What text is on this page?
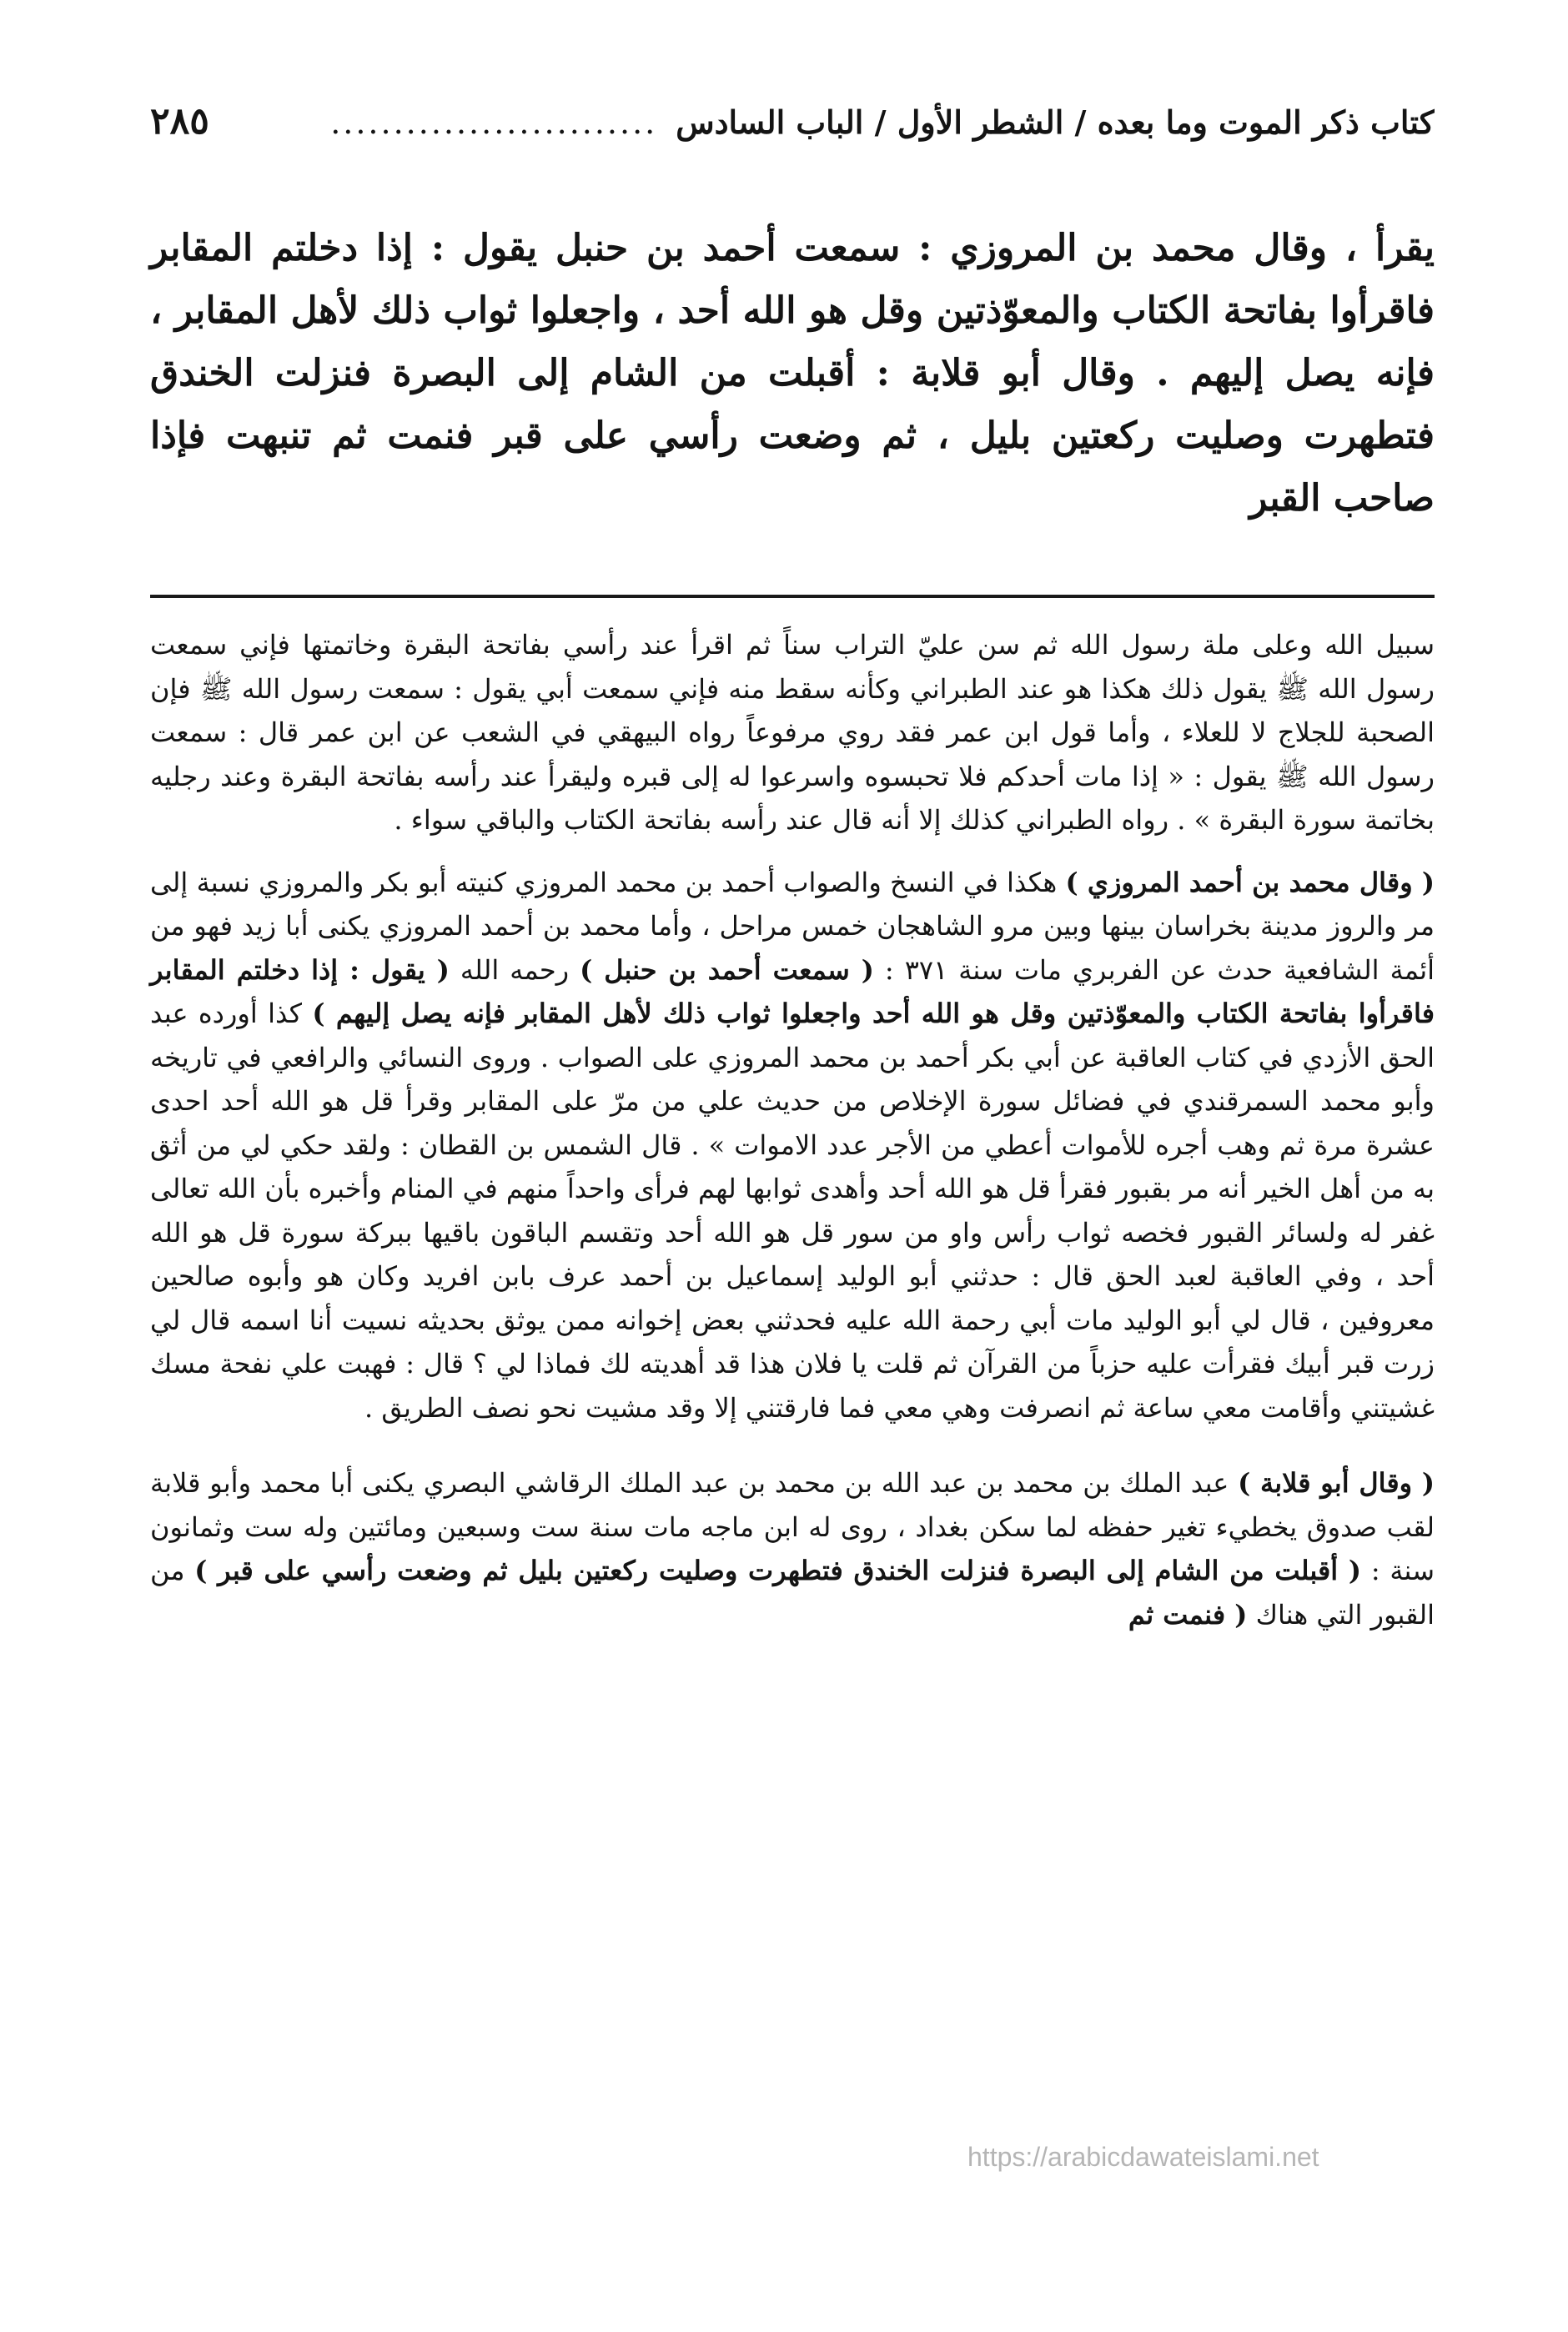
كتاب ذكر الموت وما بعده / الشطر الأول / الباب السادس
..........................
٢٨٥
يقرأ ، وقال محمد بن المروزي : سمعت أحمد بن حنبل يقول : إذا دخلتم المقابر فاقرأوا بفاتحة الكتاب والمعوّذتين وقل هو الله أحد ، واجعلوا ثواب ذلك لأهل المقابر ، فإنه يصل إليهم . وقال أبو قلابة : أقبلت من الشام إلى البصرة فنزلت الخندق فتطهرت وصليت ركعتين بليل ، ثم وضعت رأسي على قبر فنمت ثم تنبهت فإذا صاحب القبر

سبيل الله وعلى ملة رسول الله ثم سن عليّ التراب سناً ثم اقرأ عند رأسي بفاتحة البقرة وخاتمتها فإني سمعت رسول الله ﷺ يقول ذلك هكذا هو عند الطبراني وكأنه سقط منه فإني سمعت أبي يقول : سمعت رسول الله ﷺ فإن الصحبة للجلاج لا للعلاء ، وأما قول ابن عمر فقد روي مرفوعاً رواه البيهقي في الشعب عن ابن عمر قال : سمعت رسول الله ﷺ يقول : « إذا مات أحدكم فلا تحبسوه واسرعوا له إلى قبره وليقرأ عند رأسه بفاتحة البقرة وعند رجليه بخاتمة سورة البقرة » . رواه الطبراني كذلك إلا أنه قال عند رأسه بفاتحة الكتاب والباقي سواء .

( وقال محمد بن أحمد المروزي ) هكذا في النسخ والصواب أحمد بن محمد المروزي كنيته أبو بكر والمروزي نسبة إلى مر والروز مدينة بخراسان بينها وبين مرو الشاهجان خمس مراحل ، وأما محمد بن أحمد المروزي يكنى أبا زيد فهو من أئمة الشافعية حدث عن الفربري مات سنة ٣٧١ : ( سمعت أحمد بن حنبل ) رحمه الله ( يقول : إذا دخلتم المقابر فاقرأوا بفاتحة الكتاب والمعوّذتين وقل هو الله أحد واجعلوا ثواب ذلك لأهل المقابر فإنه يصل إليهم ) كذا أورده عبد الحق الأزدي في كتاب العاقبة عن أبي بكر أحمد بن محمد المروزي على الصواب . وروى النسائي والرافعي في تاريخه وأبو محمد السمرقندي في فضائل سورة الإخلاص من حديث علي من مرّ على المقابر وقرأ قل هو الله أحد احدى عشرة مرة ثم وهب أجره للأموات أعطي من الأجر عدد الاموات » . قال الشمس بن القطان : ولقد حكي لي من أثق به من أهل الخير أنه مر بقبور فقرأ قل هو الله أحد وأهدى ثوابها لهم فرأى واحداً منهم في المنام وأخبره بأن الله تعالى غفر له ولسائر القبور فخصه ثواب رأس واو من سور قل هو الله أحد وتقسم الباقون باقيها ببركة سورة قل هو الله أحد ، وفي العاقبة لعبد الحق قال : حدثني أبو الوليد إسماعيل بن أحمد عرف بابن افريد وكان هو وأبوه صالحين معروفين ، قال لي أبو الوليد مات أبي رحمة الله عليه فحدثني بعض إخوانه ممن يوثق بحديثه نسيت أنا اسمه قال لي زرت قبر أبيك فقرأت عليه حزباً من القرآن ثم قلت يا فلان هذا قد أهديته لك فماذا لي ؟ قال : فهبت علي نفحة مسك غشيتني وأقامت معي ساعة ثم انصرفت وهي معي فما فارقتني إلا وقد مشيت نحو نصف الطريق .

( وقال أبو قلابة ) عبد الملك بن محمد بن عبد الله بن محمد بن عبد الملك الرقاشي البصري يكنى أبا محمد وأبو قلابة لقب صدوق يخطيء تغير حفظه لما سكن بغداد ، روى له ابن ماجه مات سنة ست وسبعين ومائتين وله ست وثمانون سنة : ( أقبلت من الشام إلى البصرة فنزلت الخندق فتطهرت وصليت ركعتين بليل ثم وضعت رأسي على قبر ) من القبور التي هناك ( فنمت ثم

https://arabicdawateislami.net
